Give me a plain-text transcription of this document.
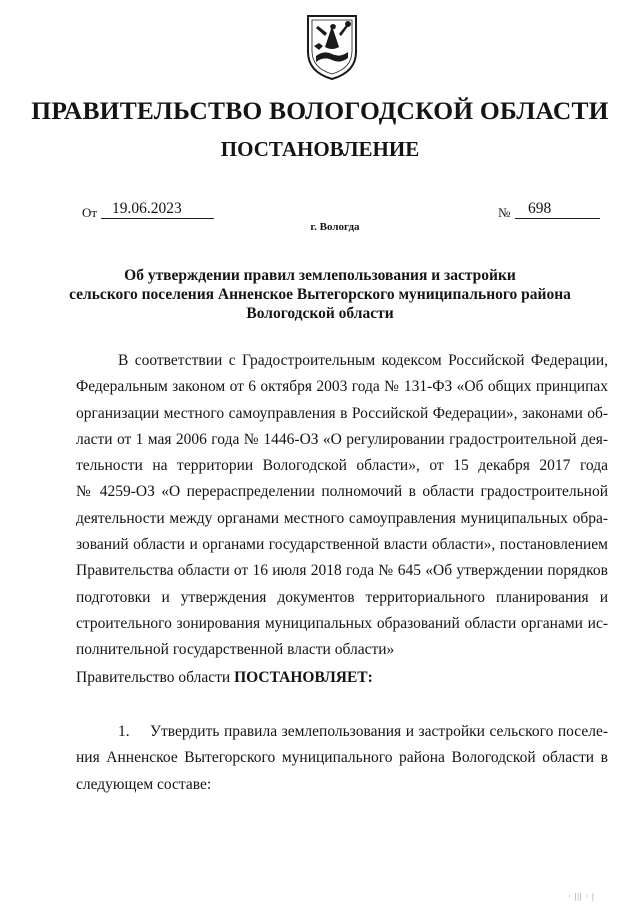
ПРАВИТЕЛЬСТВО ВОЛОГОДСКОЙ ОБЛАСТИ
ПОСТАНОВЛЕНИЕ
От 19.06.2023	№ 698
г. Вологда
Об утверждении правил землепользования и застройки
сельского поселения Анненское Вытегорского муниципального района
Вологодской области
В соответствии с Градостроительным кодексом Российской Федерации,
Федеральным законом от 6 октября 2003 года № 131-ФЗ «Об общих принципах
организации местного самоуправления в Российской Федерации», законами об-
ласти от 1 мая 2006 года № 1446-ОЗ «О регулировании градостроительной дея-
тельности на территории Вологодской области», от 15 декабря 2017 года
№ 4259-ОЗ «О перераспределении полномочий в области градостроительной
деятельности между органами местного самоуправления муниципальных обра-
зований области и органами государственной власти области», постановлением
Правительства области от 16 июля 2018 года № 645 «Об утверждении порядков
подготовки и утверждения документов территориального планирования и
строительного зонирования муниципальных образований области органами ис-
полнительной государственной власти области»
Правительство области ПОСТАНОВЛЯЕТ:
1. Утвердить правила землепользования и застройки сельского поселе-
ния Анненское Вытегорского муниципального района Вологодской области в
следующем составе:
· ||| · |
